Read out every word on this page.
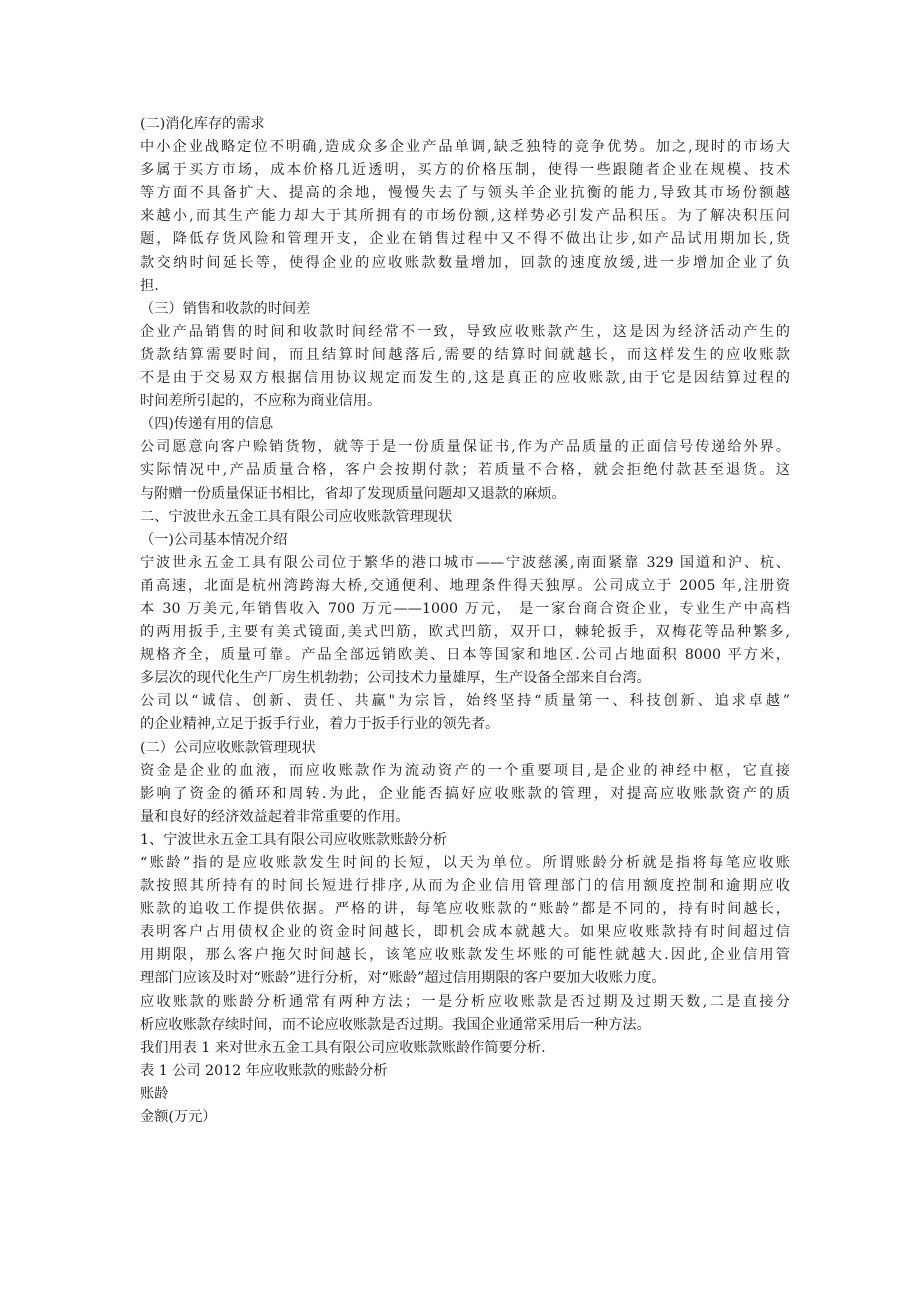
(二)消化库存的需求
中小企业战略定位不明确,造成众多企业产品单调,缺乏独特的竞争优势。加之,现时的市场大
多属于买方市场，成本价格几近透明，买方的价格压制，使得一些跟随者企业在规模、技术
等方面不具备扩大、提高的余地，慢慢失去了与领头羊企业抗衡的能力,导致其市场份额越
来越小,而其生产能力却大于其所拥有的市场份额,这样势必引发产品积压。为了解决积压问
题，降低存货风险和管理开支，企业在销售过程中又不得不做出让步,如产品试用期加长,货
款交纳时间延长等，使得企业的应收账款数量增加，回款的速度放缓,进一步增加企业了负
担.
（三）销售和收款的时间差
企业产品销售的时间和收款时间经常不一致，导致应收账款产生，这是因为经济活动产生的
货款结算需要时间，而且结算时间越落后,需要的结算时间就越长，而这样发生的应收账款
不是由于交易双方根据信用协议规定而发生的,这是真正的应收账款,由于它是因结算过程的
时间差所引起的，不应称为商业信用。
（四)传递有用的信息
公司愿意向客户赊销货物，就等于是一份质量保证书,作为产品质量的正面信号传递给外界。
实际情况中,产品质量合格，客户会按期付款；若质量不合格，就会拒绝付款甚至退货。这
与附赠一份质量保证书相比，省却了发现质量问题却又退款的麻烦。
二、宁波世永五金工具有限公司应收账款管理现状
（一)公司基本情况介绍
宁波世永五金工具有限公司位于繁华的港口城市——宁波慈溪,南面紧靠 329 国道和沪、杭、
甬高速，北面是杭州湾跨海大桥,交通便利、地理条件得天独厚。公司成立于 2005 年,注册资
本 30 万美元,年销售收入 700 万元——1000 万元， 是一家台商合资企业，专业生产中高档
的两用扳手,主要有美式镜面,美式凹筋，欧式凹筋，双开口，棘轮扳手，双梅花等品种繁多,
规格齐全，质量可靠。产品全部远销欧美、日本等国家和地区.公司占地面积 8000 平方米，
多层次的现代化生产厂房生机勃勃；公司技术力量雄厚，生产设备全部来自台湾。
公司以“诚信、创新、责任、共赢"为宗旨，始终坚持“质量第一、科技创新、追求卓越”
的企业精神,立足于扳手行业，着力于扳手行业的领先者。
(二）公司应收账款管理现状
资金是企业的血液，而应收账款作为流动资产的一个重要项目,是企业的神经中枢，它直接
影响了资金的循环和周转.为此，企业能否搞好应收账款的管理，对提高应收账款资产的质
量和良好的经济效益起着非常重要的作用。
1、宁波世永五金工具有限公司应收账款账龄分析
“账龄”指的是应收账款发生时间的长短，以天为单位。所谓账龄分析就是指将每笔应收账
款按照其所持有的时间长短进行排序,从而为企业信用管理部门的信用额度控制和逾期应收
账款的追收工作提供依据。严格的讲，每笔应收账款的“账龄”都是不同的，持有时间越长，
表明客户占用债权企业的资金时间越长，即机会成本就越大。如果应收账款持有时间超过信
用期限，那么客户拖欠时间越长，该笔应收账款发生坏账的可能性就越大.因此,企业信用管
理部门应该及时对“账龄”进行分析，对“账龄”超过信用期限的客户要加大收账力度。
应收账款的账龄分析通常有两种方法；一是分析应收账款是否过期及过期天数,二是直接分
析应收账款存续时间，而不论应收账款是否过期。我国企业通常采用后一种方法。
我们用表 1 来对世永五金工具有限公司应收账款账龄作简要分析.
表 1 公司 2012 年应收账款的账龄分析
账龄
金额(万元）
